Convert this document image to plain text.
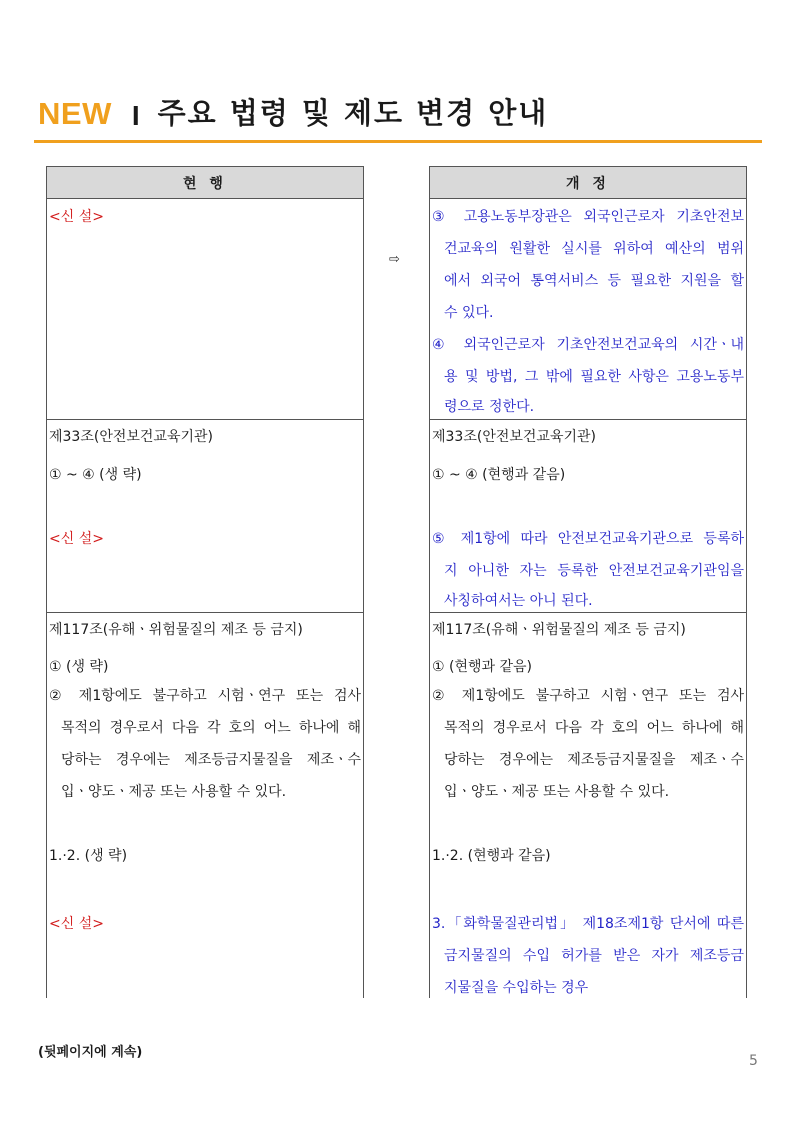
NEW I 주요 법령 및 제도 변경 안내
현 행
<신 설>
제33조(안전보건교육기관)
① ~ ④ (생 략)
<신 설>
제117조(유해ㆍ위험물질의 제조 등 금지)
① (생 략)
② 제1항에도 불구하고 시험ㆍ연구 또는 검사
목적의 경우로서 다음 각 호의 어느 하나에 해
당하는 경우에는 제조등금지물질을 제조ㆍ수
입ㆍ양도ㆍ제공 또는 사용할 수 있다.
1.·2. (생 략)
<신 설>
⇨
개 정
③ 고용노동부장관은 외국인근로자 기초안전보
건교육의 원활한 실시를 위하여 예산의 범위
에서 외국어 통역서비스 등 필요한 지원을 할
수 있다.
④ 외국인근로자 기초안전보건교육의 시간ㆍ내
용 및 방법, 그 밖에 필요한 사항은 고용노동부
령으로 정한다.
제33조(안전보건교육기관)
① ~ ④ (현행과 같음)
⑤ 제1항에 따라 안전보건교육기관으로 등록하
지 아니한 자는 등록한 안전보건교육기관임을
사칭하여서는 아니 된다.
제117조(유해ㆍ위험물질의 제조 등 금지)
① (현행과 같음)
② 제1항에도 불구하고 시험ㆍ연구 또는 검사
목적의 경우로서 다음 각 호의 어느 하나에 해
당하는 경우에는 제조등금지물질을 제조ㆍ수
입ㆍ양도ㆍ제공 또는 사용할 수 있다.
1.·2. (현행과 같음)
3.「화학물질관리법」 제18조제1항 단서에 따른
금지물질의 수입 허가를 받은 자가 제조등금
지물질을 수입하는 경우
(뒷페이지에 계속)
5
